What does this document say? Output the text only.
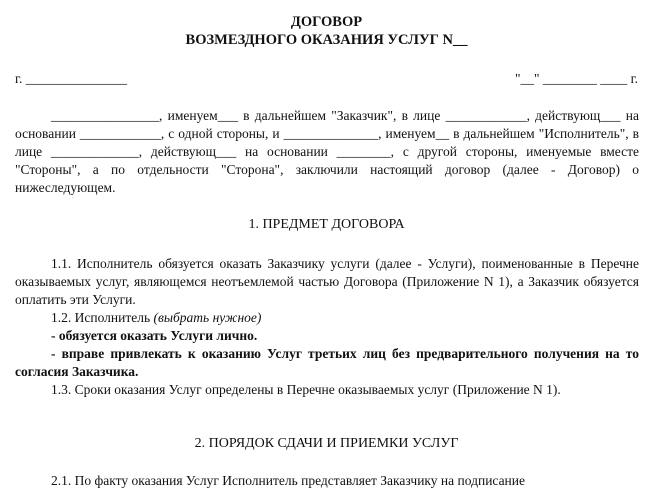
ДОГОВОР
ВОЗМЕЗДНОГО ОКАЗАНИЯ УСЛУГ N__
г. _______________	"__" ________ ____ г.
________________, именуем___ в дальнейшем "Заказчик", в лице ____________, действующ___ на основании ____________, с одной стороны, и ______________, именуем__ в дальнейшем "Исполнитель", в лице _____________, действующ___ на основании ________, с другой стороны, именуемые вместе "Стороны", а по отдельности "Сторона", заключили настоящий договор (далее - Договор) о нижеследующем.
1. ПРЕДМЕТ ДОГОВОРА
1.1. Исполнитель обязуется оказать Заказчику услуги (далее - Услуги), поименованные в Перечне оказываемых услуг, являющемся неотъемлемой частью Договора (Приложение N 1), а Заказчик обязуется оплатить эти Услуги.
1.2. Исполнитель (выбрать нужное)
- обязуется оказать Услуги лично.
- вправе привлекать к оказанию Услуг третьих лиц без предварительного получения на то согласия Заказчика.
1.3. Сроки оказания Услуг определены в Перечне оказываемых услуг (Приложение N 1).
2. ПОРЯДОК СДАЧИ И ПРИЕМКИ УСЛУГ
2.1. По факту оказания Услуг Исполнитель представляет Заказчику на подписание
